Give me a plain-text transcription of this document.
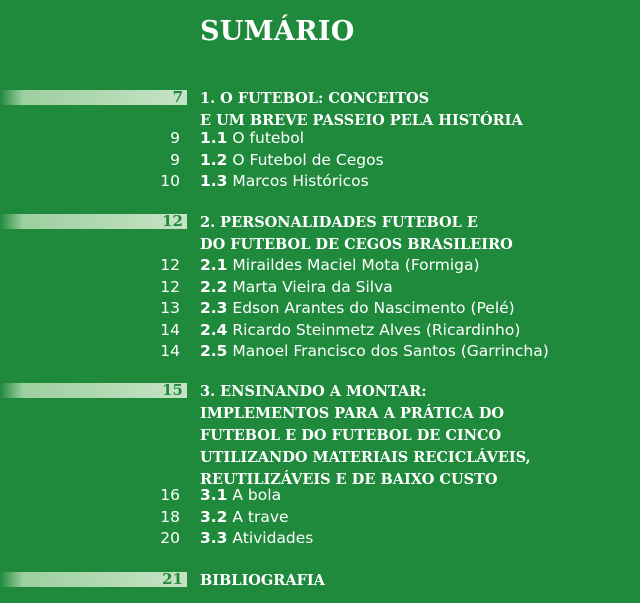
SUMÁRIO
7 1. O FUTEBOL: CONCEITOS
E UM BREVE PASSEIO PELA HISTÓRIA
9 1.1 O futebol
9 1.2 O Futebol de Cegos
10 1.3 Marcos Históricos
12 2. PERSONALIDADES FUTEBOL E
DO FUTEBOL DE CEGOS BRASILEIRO
12 2.1 Miraildes Maciel Mota (Formiga)
12 2.2 Marta Vieira da Silva
13 2.3 Edson Arantes do Nascimento (Pelé)
14 2.4 Ricardo Steinmetz Alves (Ricardinho)
14 2.5 Manoel Francisco dos Santos (Garrincha)
15 3. ENSINANDO A MONTAR:
IMPLEMENTOS PARA A PRÁTICA DO
FUTEBOL E DO FUTEBOL DE CINCO
UTILIZANDO MATERIAIS RECICLÁVEIS,
REUTILIZÁVEIS E DE BAIXO CUSTO
16 3.1 A bola
18 3.2 A trave
20 3.3 Atividades
21 BIBLIOGRAFIA
